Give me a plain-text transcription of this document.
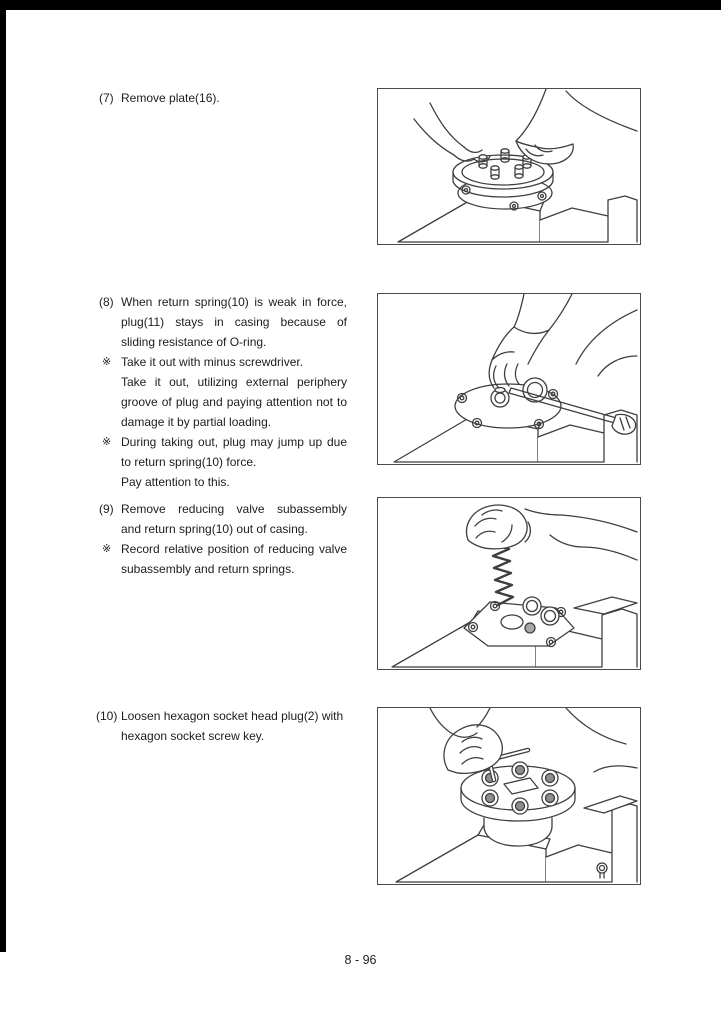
(7) Remove plate(16).
(8) When return spring(10) is weak in force,
plug(11) stays in casing because of
sliding resistance of O-ring.
※ Take it out with minus screwdriver.
Take it out, utilizing external periphery
groove of plug and paying attention not to
damage it by partial loading.
※ During taking out, plug may jump up due
to return spring(10) force.
Pay attention to this.
(9) Remove reducing valve subassembly
and return spring(10) out of casing.
※ Record relative position of reducing valve
subassembly and return springs.
(10) Loosen hexagon socket head plug(2) with
hexagon socket screw key.
8 - 96
